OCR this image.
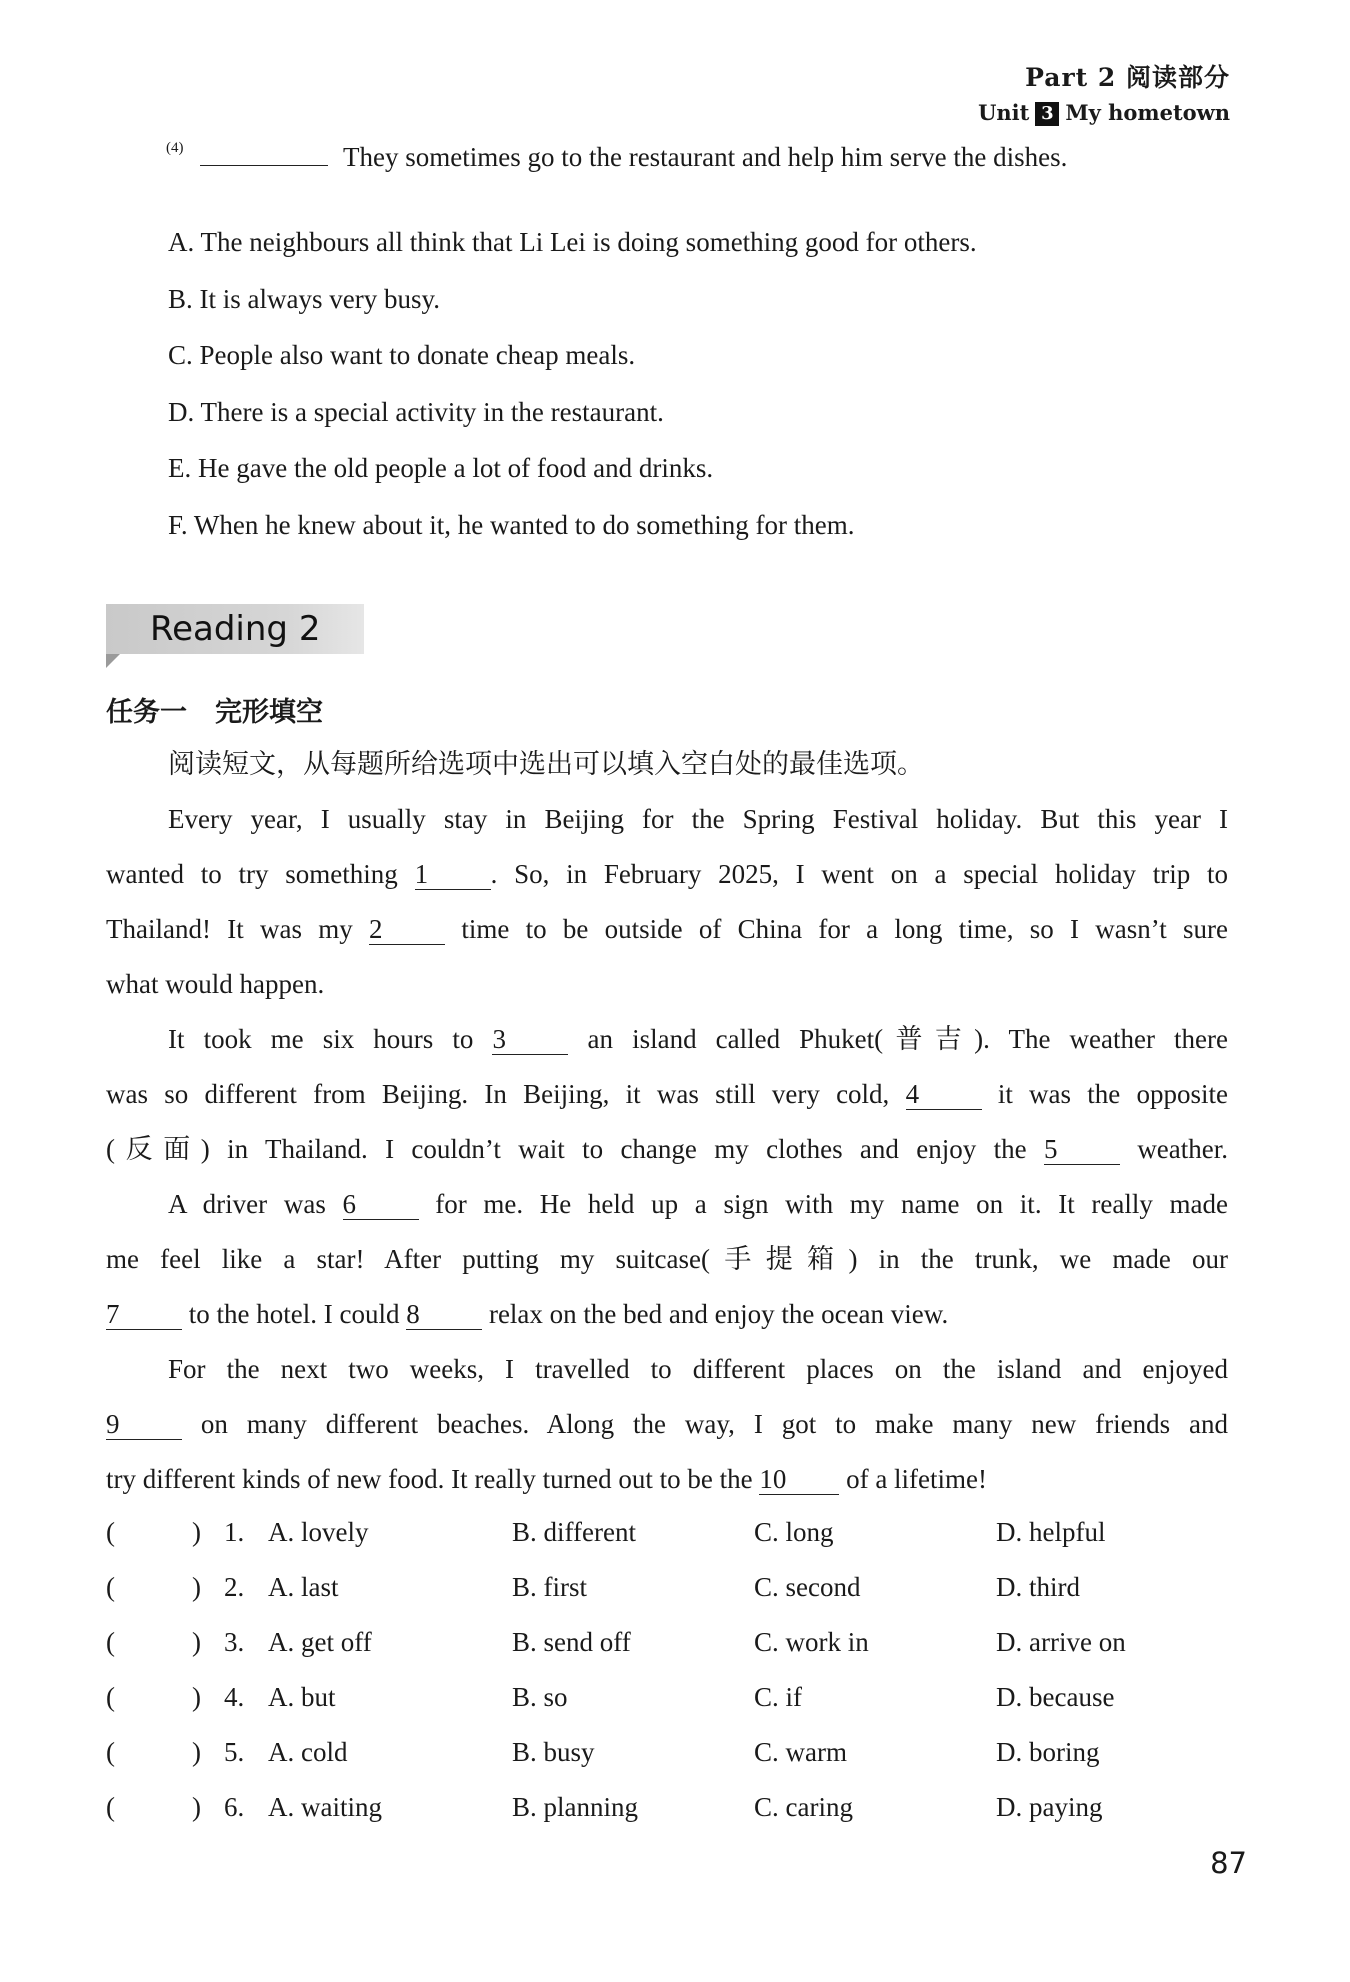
Part 2 阅读部分
Unit 3 My hometown
$^{(4)}$	They sometimes go to the restaurant and help him serve the dishes.
A. The neighbours all think that Li Lei is doing something good for others.
B. It is always very busy.
C. People also want to donate cheap meals.
D. There is a special activity in the restaurant.
E. He gave the old people a lot of food and drinks.
F. When he knew about it, he wanted to do something for them.
Reading 2
任务一 完形填空
阅读短文，从每题所给选项中选出可以填入空白处的最佳选项。
Every year, I usually stay in Beijing for the Spring Festival holiday. But this year I
wanted to try something 1 . So, in February 2025, I went on a special holiday trip to
Thailand! It was my 2	time to be outside of China for a long time, so I wasn’t sure
what would happen.
It took me six hours to 3	an island called Phuket(普吉). The weather there
was so different from Beijing. In Beijing, it was still very cold, 4	it was the opposite
(反面) in Thailand. I couldn’t wait to change my clothes and enjoy the 5	weather.
A driver was 6	for me. He held up a sign with my name on it. It really made
me feel like a star! After putting my suitcase(手提箱) in the trunk, we made our
7	to the hotel. I could 8	relax on the bed and enjoy the ocean view.
For the next two weeks, I travelled to different places on the island and enjoyed
9	on many different beaches. Along the way, I got to make many new friends and
try different kinds of new food. It really turned out to be the 10 of a lifetime!
(	) 1. A. lovely	B. different	C. long	D. helpful
(	) 2. A. last	B. first	C. second	D. third
(	) 3. A. get off	B. send off	C. work in	D. arrive on
(	) 4. A. but	B. so	C. if	D. because
(	) 5. A. cold	B. busy	C. warm	D. boring
(	) 6. A. waiting	B. planning	C. caring	D. paying
87
